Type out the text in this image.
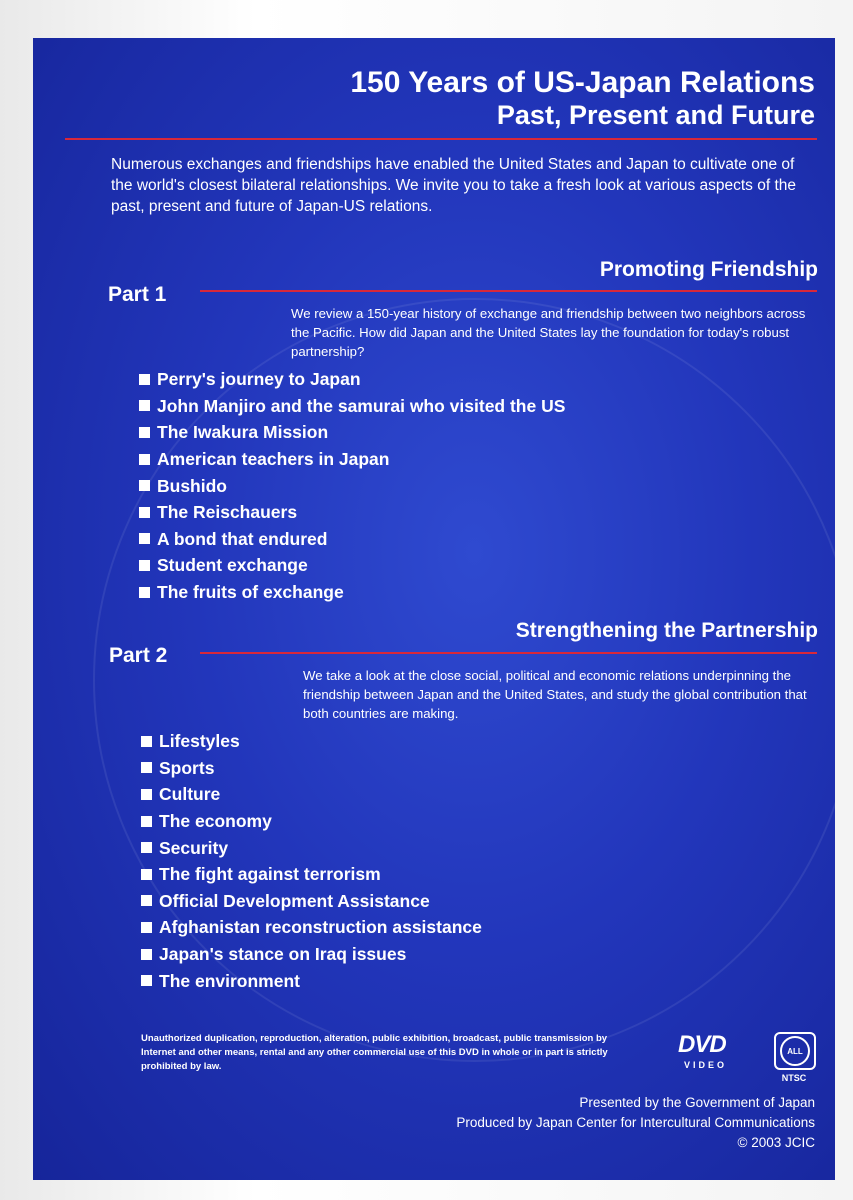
150 Years of US-Japan Relations
Past, Present and Future
Numerous exchanges and friendships have enabled the United States and Japan to cultivate one of the world's closest bilateral relationships. We invite you to take a fresh look at various aspects of the past, present and future of Japan-US relations.
Promoting Friendship
Part 1
We review a 150-year history of exchange and friendship between two neighbors across the Pacific. How did Japan and the United States lay the foundation for today's robust partnership?
Perry's journey to Japan
John Manjiro and the samurai who visited the US
The Iwakura Mission
American teachers in Japan
Bushido
The Reischauers
A bond that endured
Student exchange
The fruits of exchange
Strengthening the Partnership
Part 2
We take a look at the close social, political and economic relations underpinning the friendship between Japan and the United States, and study the global contribution that both countries are making.
Lifestyles
Sports
Culture
The economy
Security
The fight against terrorism
Official Development Assistance
Afghanistan reconstruction assistance
Japan's stance on Iraq issues
The environment
Unauthorized duplication, reproduction, alteration, public exhibition, broadcast, public transmission by Internet and other means, rental and any other commercial use of this DVD in whole or in part is strictly prohibited by law.
DVD
VIDEO
ALL
NTSC
Presented by the Government of Japan
Produced by Japan Center for Intercultural Communications
© 2003 JCIC
